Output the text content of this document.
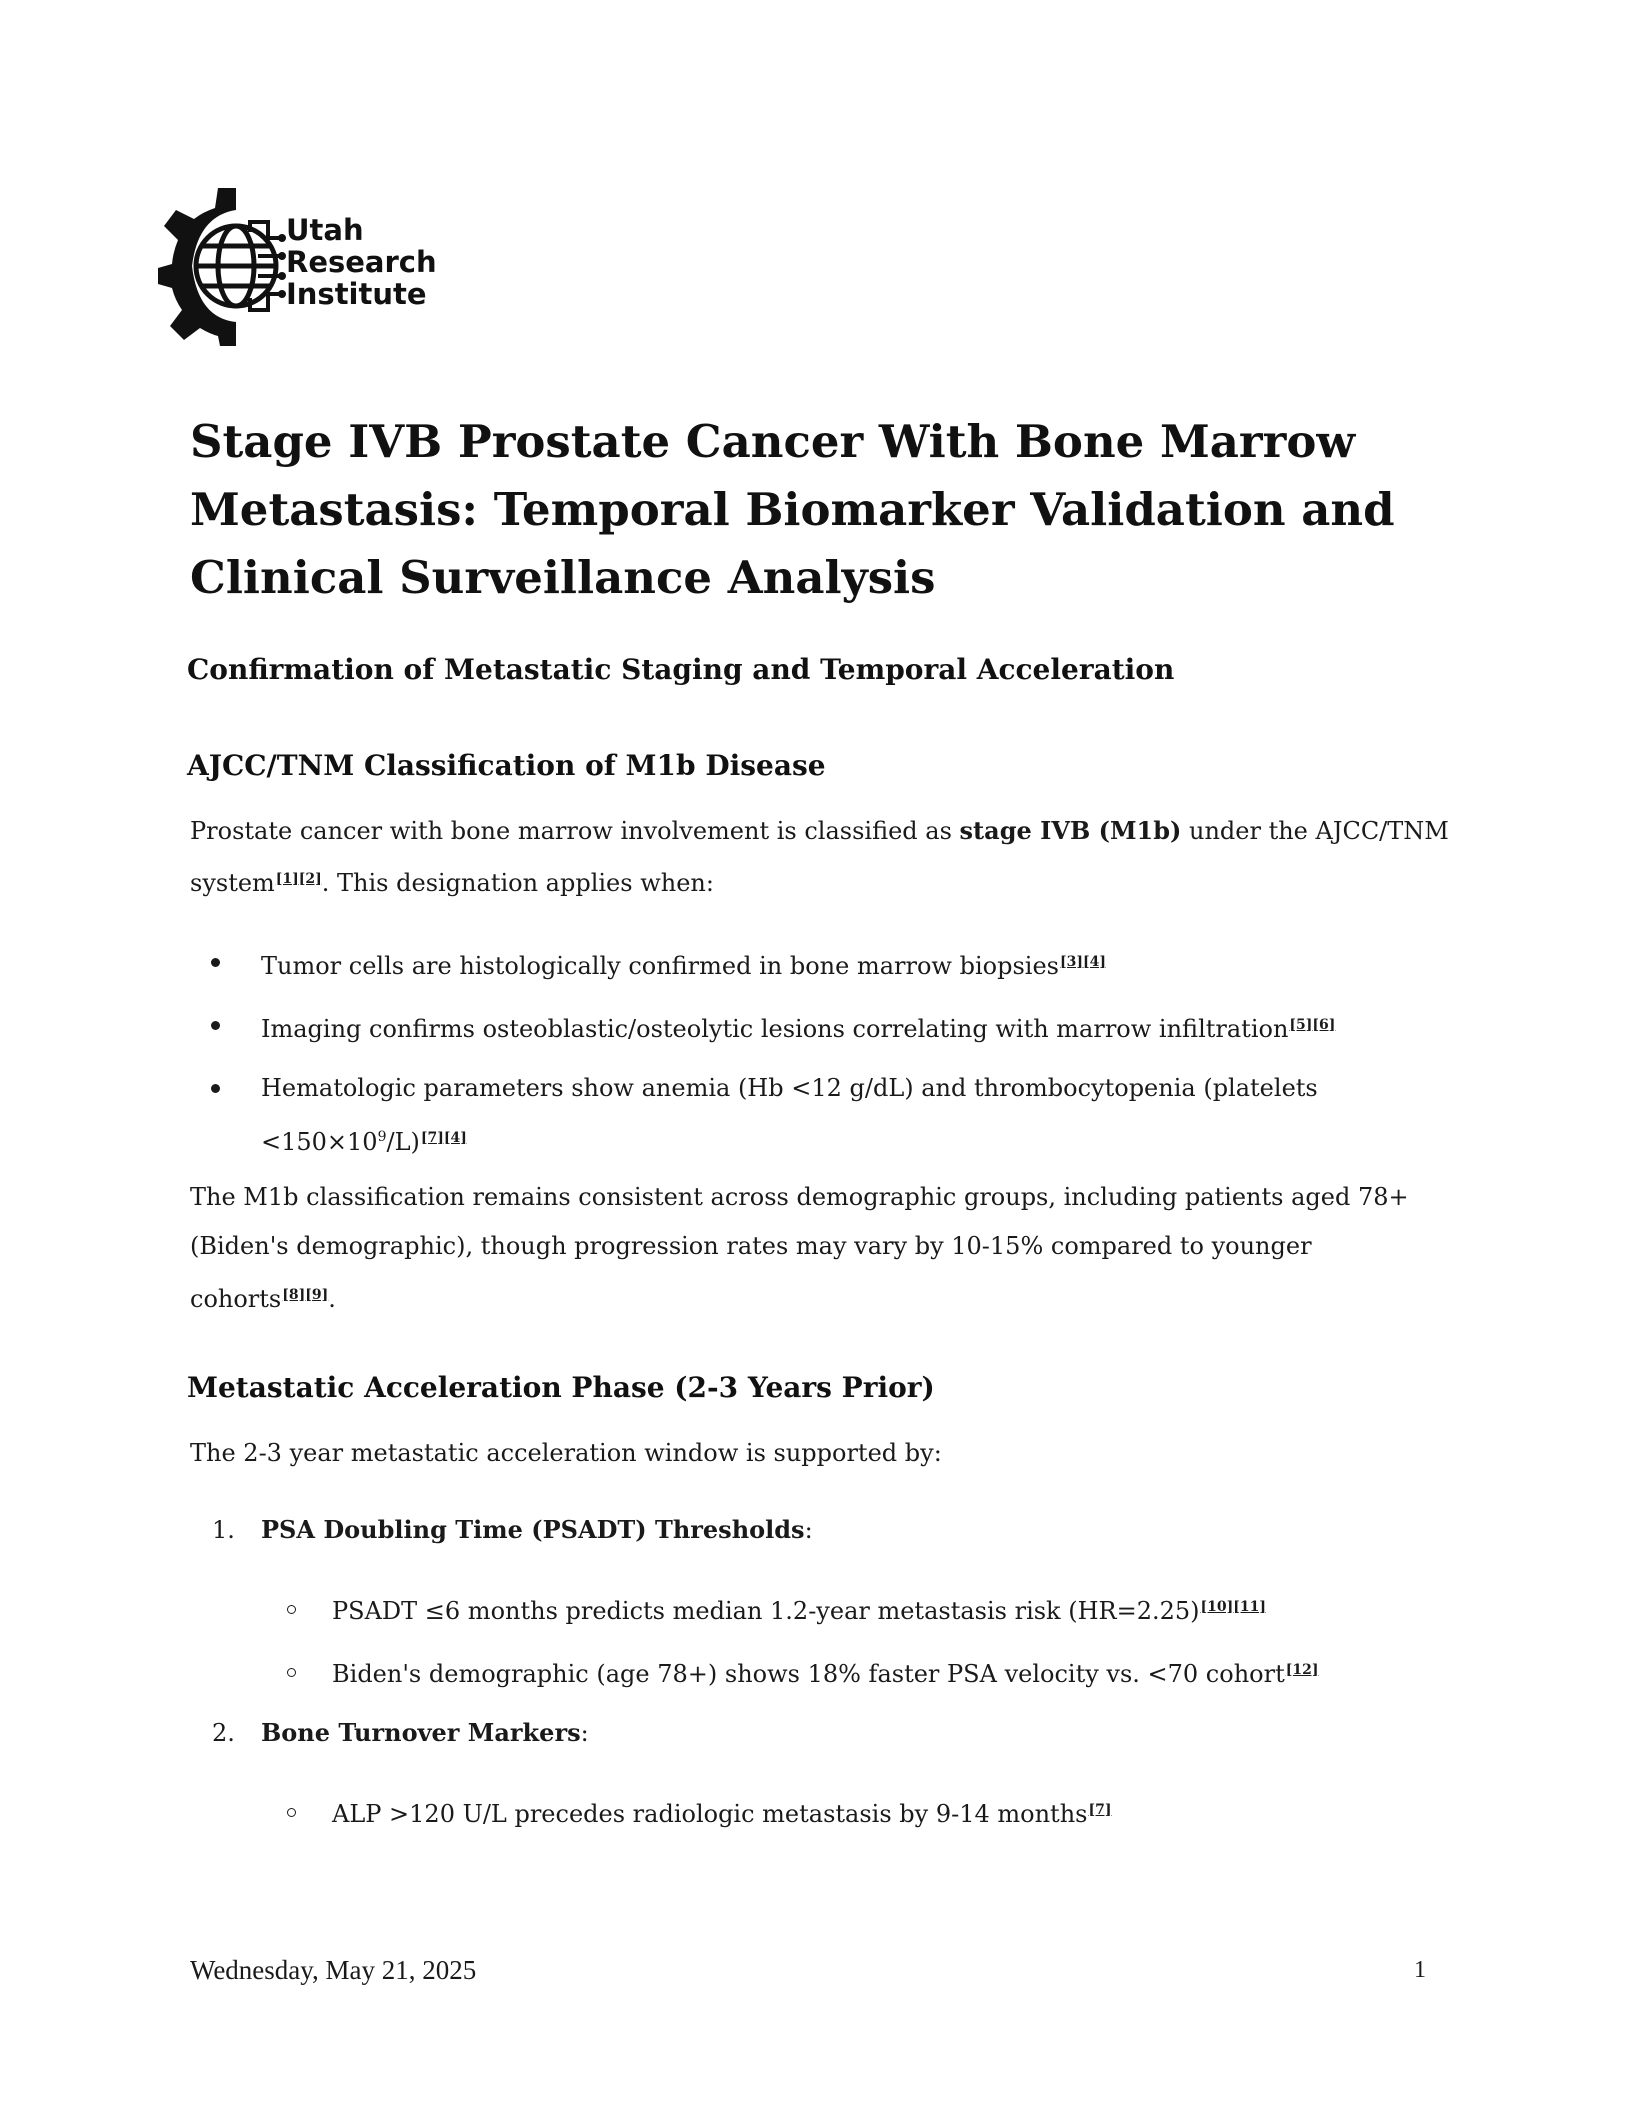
Utah
Research
Institute
Stage IVB Prostate Cancer With Bone Marrow Metastasis: Temporal Biomarker Validation and Clinical Surveillance Analysis
Confirmation of Metastatic Staging and Temporal Acceleration
AJCC/TNM Classification of M1b Disease
Prostate cancer with bone marrow involvement is classified as stage IVB (M1b) under the AJCC/TNM
system[1][2]. This designation applies when:
Tumor cells are histologically confirmed in bone marrow biopsies[3][4]
Imaging confirms osteoblastic/osteolytic lesions correlating with marrow infiltration[5][6]
Hematologic parameters show anemia (Hb <12 g/dL) and thrombocytopenia (platelets
$<150\times 10^9/L)[7][4]$
The M1b classification remains consistent across demographic groups, including patients aged 78+
(Biden's demographic), though progression rates may vary by 10-15% compared to younger
cohorts[8][9].
Metastatic Acceleration Phase (2-3 Years Prior)
The 2-3 year metastatic acceleration window is supported by:
1. PSA Doubling Time (PSADT) Thresholds:
PSADT ≤6 months predicts median 1.2-year metastasis risk (HR=2.25)[10][11]
Biden's demographic (age 78+) shows 18% faster PSA velocity vs. <70 cohort[12]
2. Bone Turnover Markers:
ALP >120 U/L precedes radiologic metastasis by 9-14 months[7]
Wednesday, May 21, 2025	1
